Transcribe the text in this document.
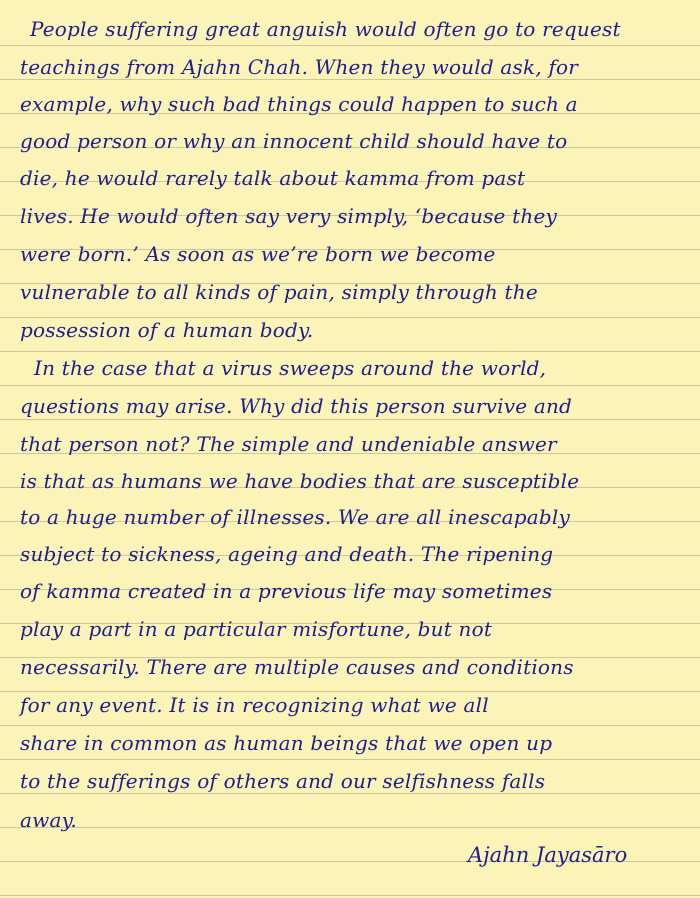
People suffering great anguish would often go to request
teachings from Ajahn Chah. When they would ask, for
example, why such bad things could happen to such a
good person or why an innocent child should have to
die, he would rarely talk about kamma from past
lives. He would often say very simply, ‘because they
were born.’ As soon as we’re born we become
vulnerable to all kinds of pain, simply through the
possession of a human body.
In the case that a virus sweeps around the world,
questions may arise. Why did this person survive and
that person not? The simple and undeniable answer
is that as humans we have bodies that are susceptible
to a huge number of illnesses. We are all inescapably
subject to sickness, ageing and death. The ripening
of kamma created in a previous life may sometimes
play a part in a particular misfortune, but not
necessarily. There are multiple causes and conditions
for any event. It is in recognizing what we all
share in common as human beings that we open up
to the sufferings of others and our selfishness falls
away.
Ajahn Jayasāro
